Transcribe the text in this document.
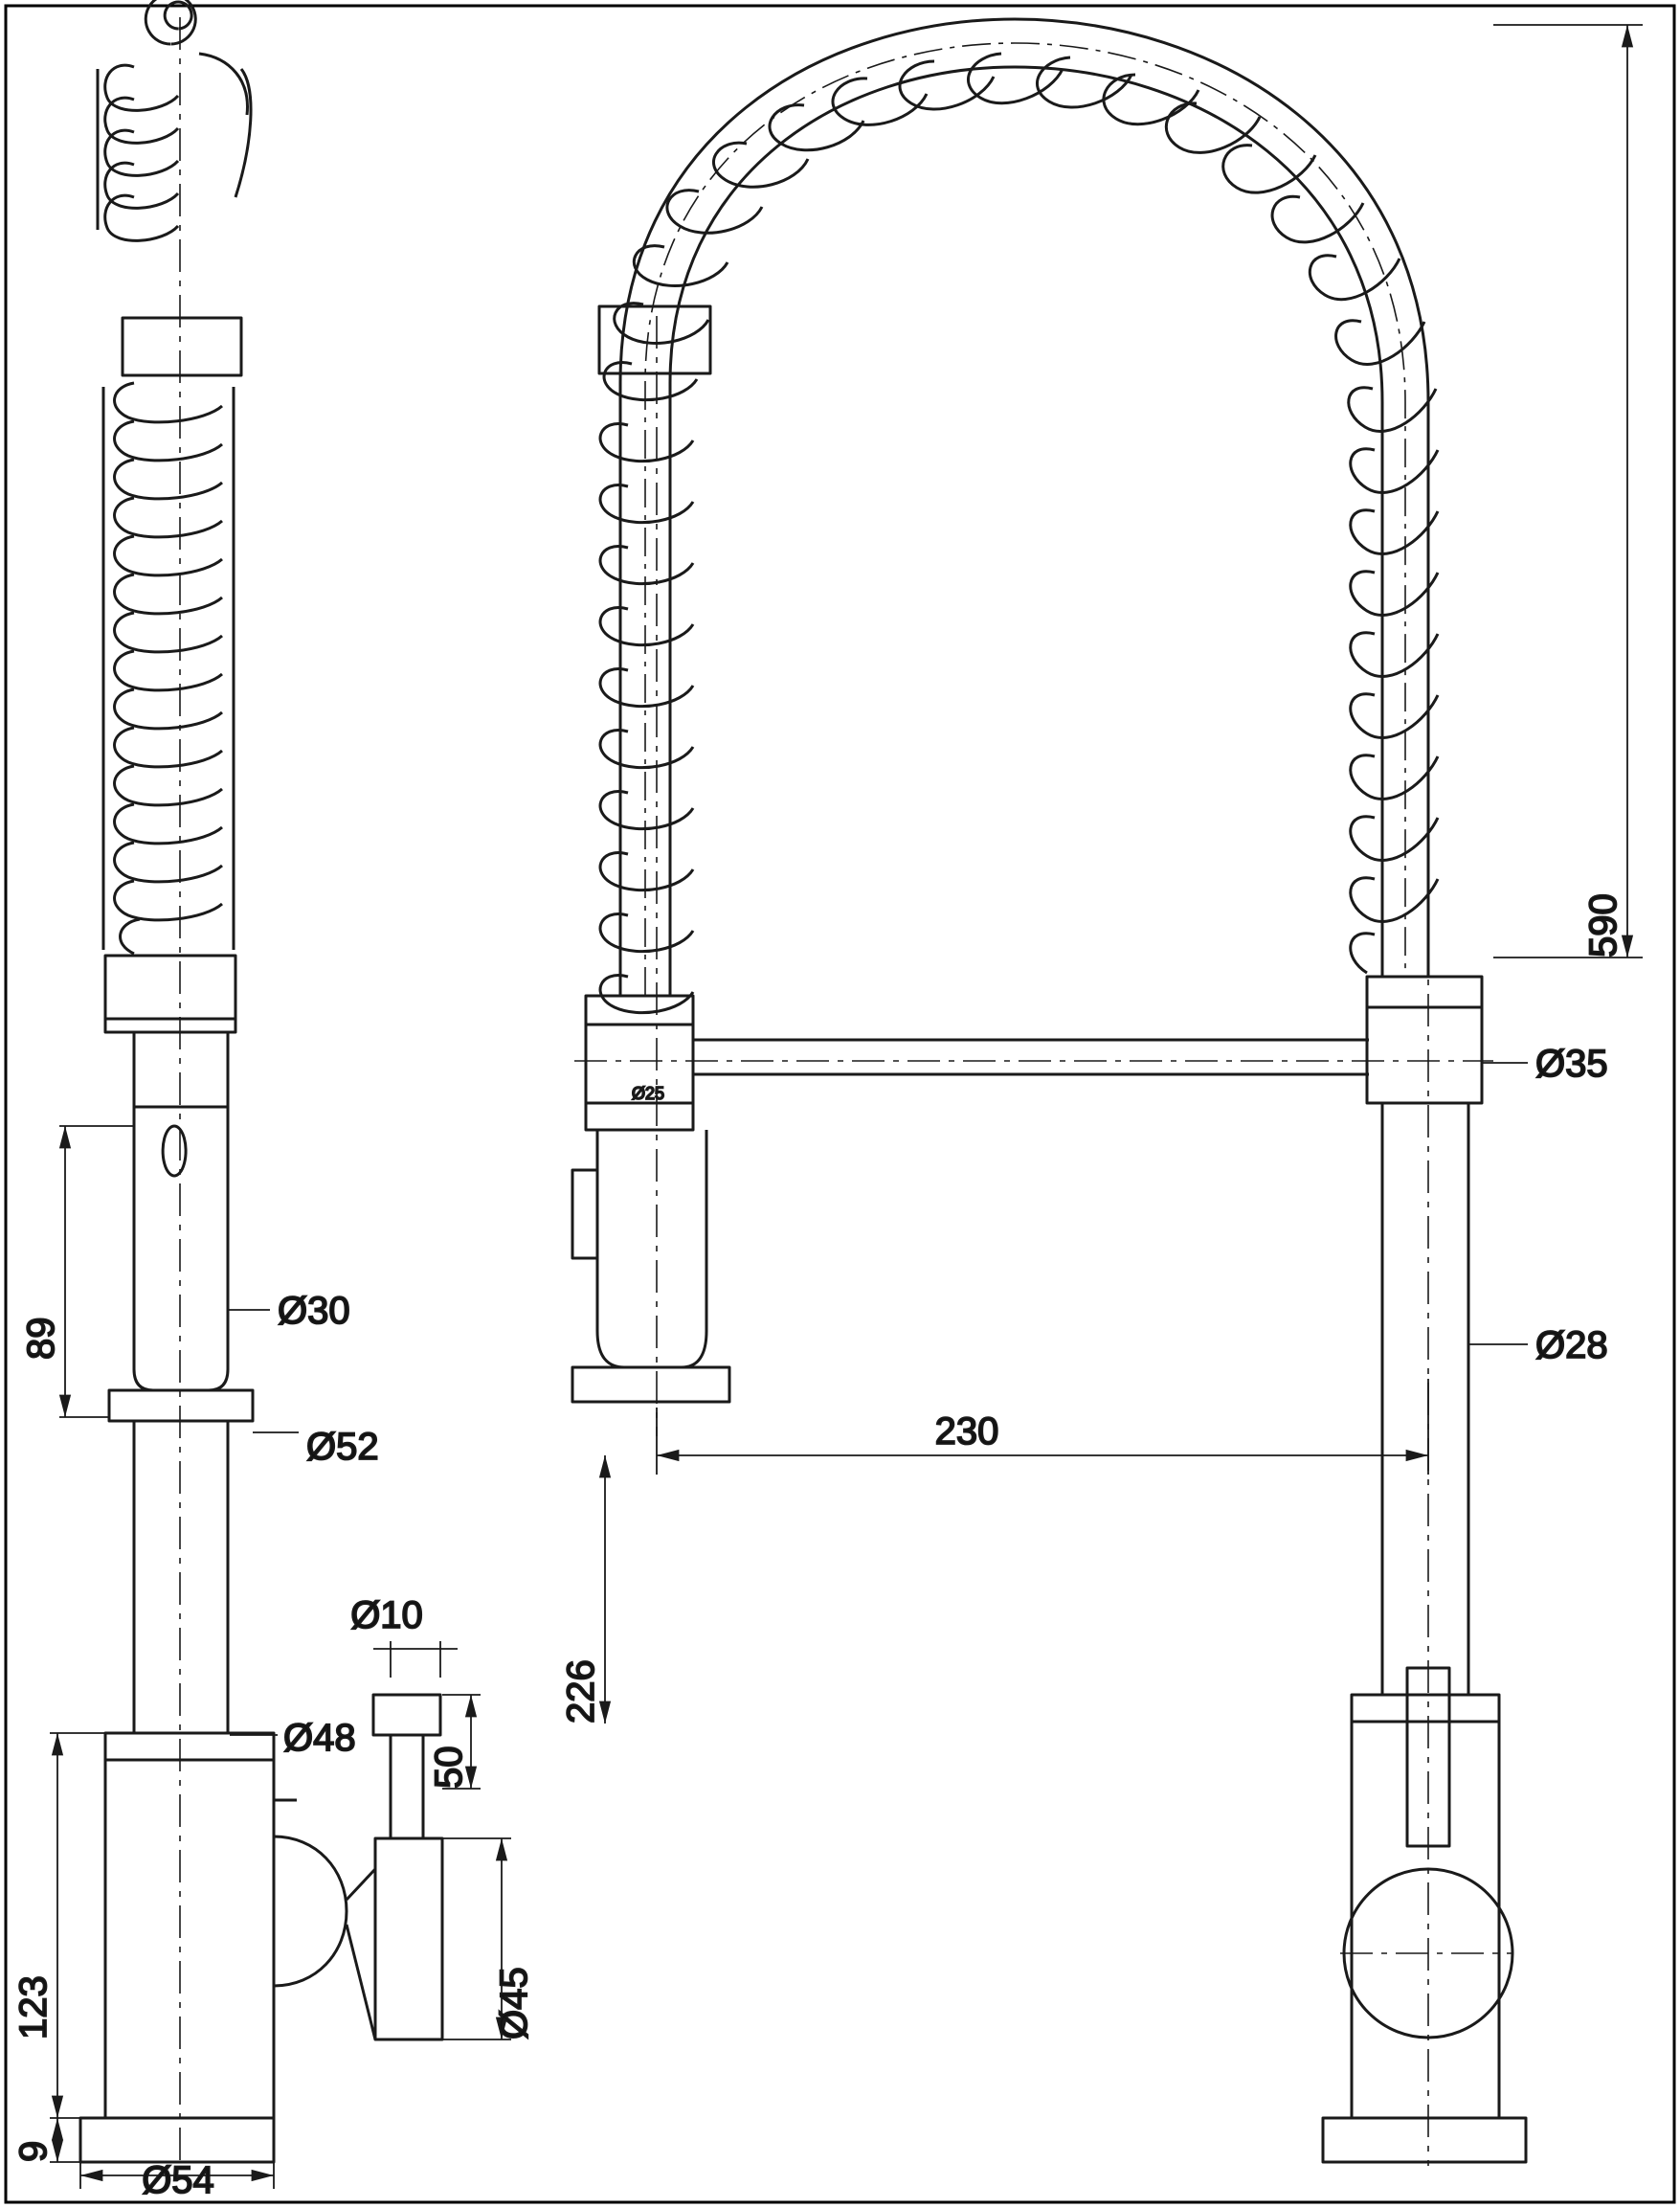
590
Ø35
Ø28
230
226
Ø25
89
Ø30
Ø52
Ø48
Ø10
50
Ø45
123
9
Ø54
